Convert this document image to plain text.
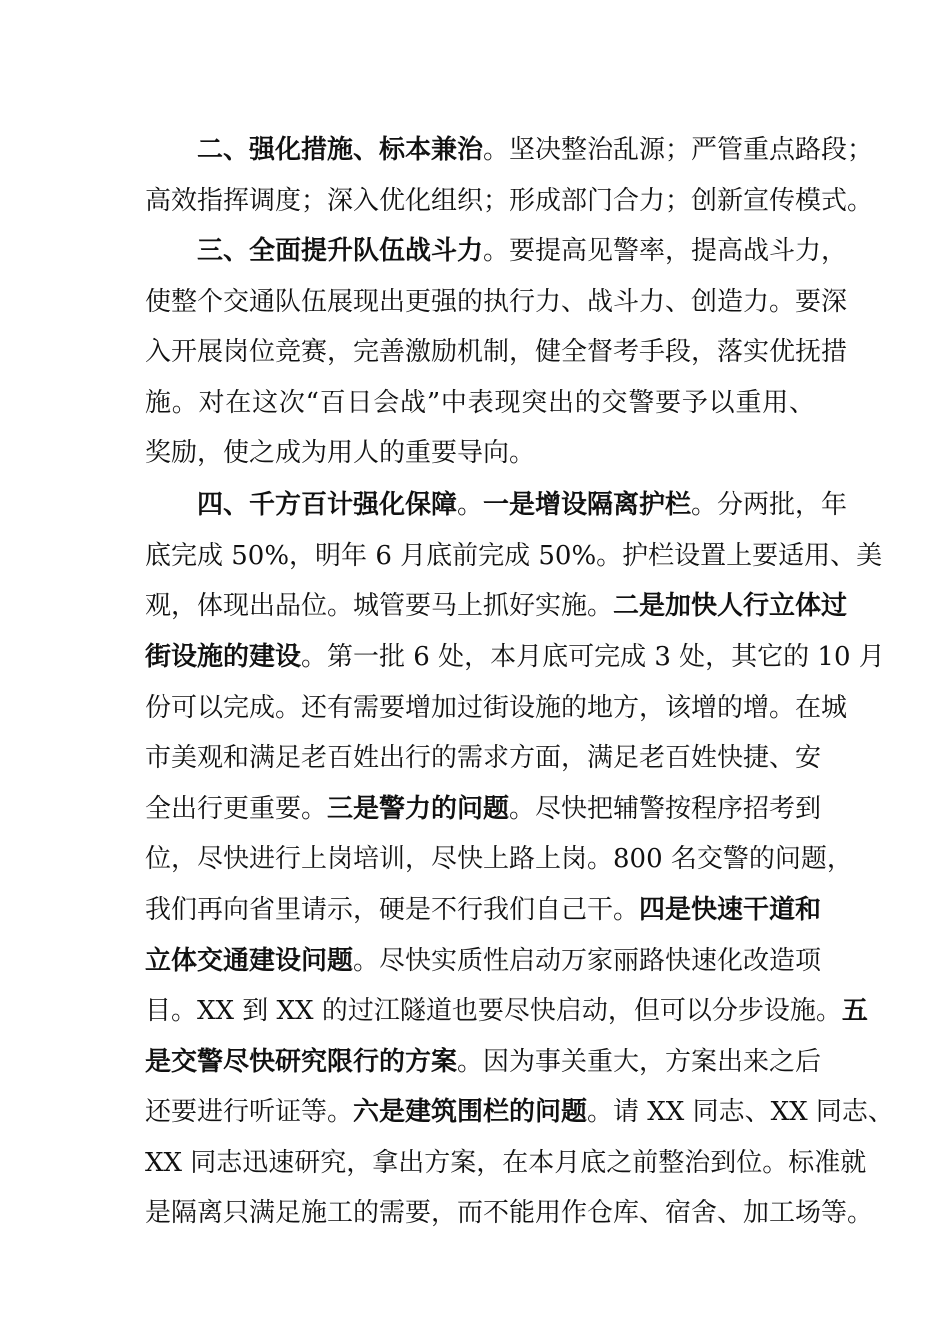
二、强化措施、标本兼治。坚决整治乱源；严管重点路段；
高效指挥调度；深入优化组织；形成部门合力；创新宣传模式。
三、全面提升队伍战斗力。要提高见警率，提高战斗力，
使整个交通队伍展现出更强的执行力、战斗力、创造力。要深
入开展岗位竞赛，完善激励机制，健全督考手段，落实优抚措
施。对在这次“百日会战”中表现突出的交警要予以重用、
奖励，使之成为用人的重要导向。
四、千方百计强化保障。一是增设隔离护栏。分两批，年
底完成 50%，明年 6 月底前完成 50%。护栏设置上要适用、美
观，体现出品位。城管要马上抓好实施。二是加快人行立体过
街设施的建设。第一批 6 处，本月底可完成 3 处，其它的 10 月
份可以完成。还有需要增加过街设施的地方，该增的增。在城
市美观和满足老百姓出行的需求方面，满足老百姓快捷、安
全出行更重要。三是警力的问题。尽快把辅警按程序招考到
位，尽快进行上岗培训，尽快上路上岗。800 名交警的问题，
我们再向省里请示，硬是不行我们自己干。四是快速干道和
立体交通建设问题。尽快实质性启动万家丽路快速化改造项
目。XX 到 XX 的过江隧道也要尽快启动，但可以分步设施。五
是交警尽快研究限行的方案。因为事关重大，方案出来之后
还要进行听证等。六是建筑围栏的问题。请 XX 同志、XX 同志、
XX 同志迅速研究，拿出方案，在本月底之前整治到位。标准就
是隔离只满足施工的需要，而不能用作仓库、宿舍、加工场等。
